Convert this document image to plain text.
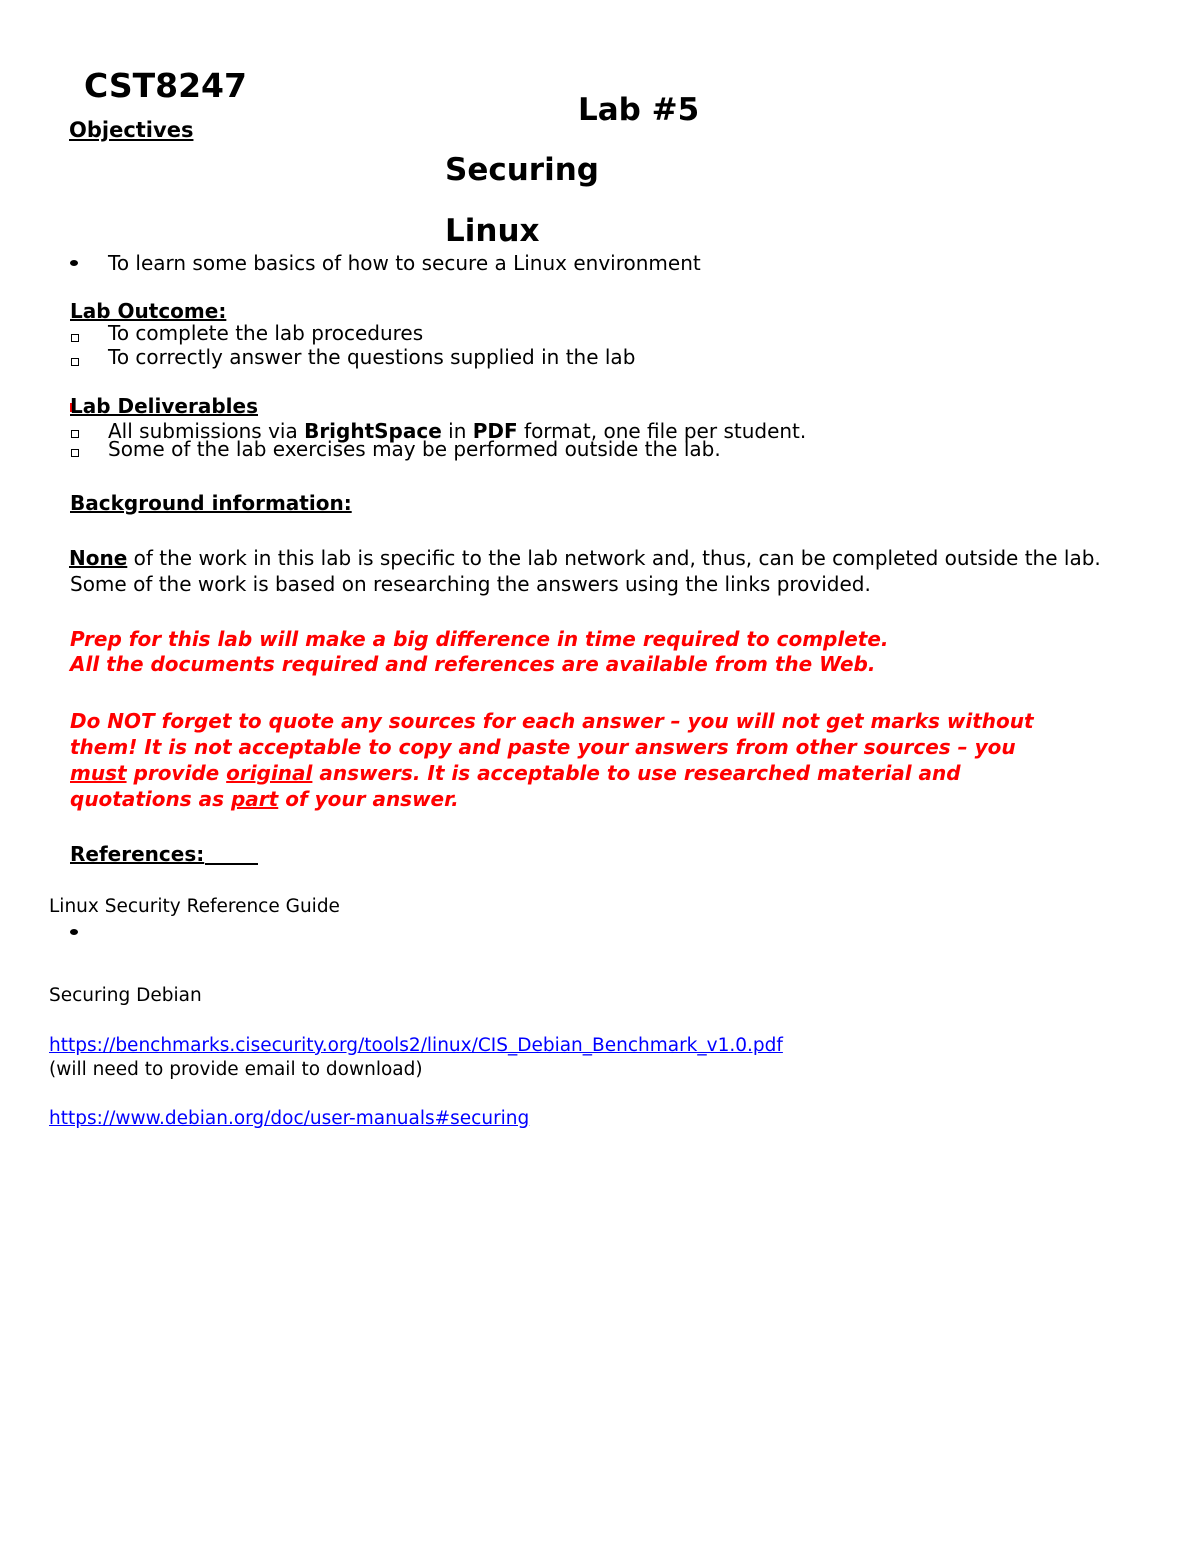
CST8247
Objectives
Lab #5
Securing
Linux
To learn some basics of how to secure a Linux environment
Lab Outcome:
To complete the lab procedures
To correctly answer the questions supplied in the lab
Lab Deliverables
All submissions via BrightSpace in PDF format, one file per student.
Some of the lab exercises may be performed outside the lab.
Background information:
None of the work in this lab is specific to the lab network and, thus, can be completed outside the lab.
Some of the work is based on researching the answers using the links provided.
Prep for this lab will make a big difference in time required to complete.
All the documents required and references are available from the Web.
Do NOT forget to quote any sources for each answer – you will not get marks without
them! It is not acceptable to copy and paste your answers from other sources – you
must provide original answers. It is acceptable to use researched material and
quotations as part of your answer.
References:
Linux Security Reference Guide
Securing Debian
https://benchmarks.cisecurity.org/tools2/linux/CIS_Debian_Benchmark_v1.0.pdf
(will need to provide email to download)
https://www.debian.org/doc/user-manuals#securing
